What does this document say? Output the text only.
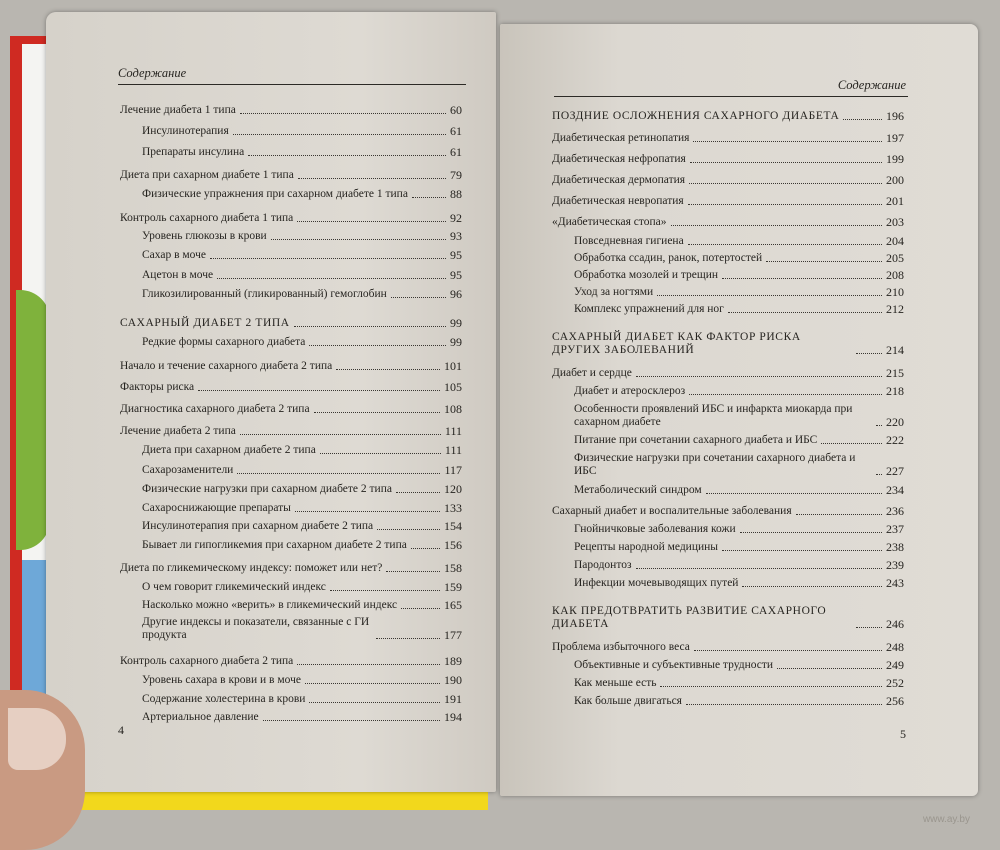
Содержание
Лечение диабета 1 типа	60
Инсулинотерапия	61
Препараты инсулина	61
Диета при сахарном диабете 1 типа	79
Физические упражнения при сахарном диабете 1 типа	88
Контроль сахарного диабета 1 типа	92
Уровень глюкозы в крови	93
Сахар в моче	95
Ацетон в моче	95
Гликозилированный (гликированный) гемоглобин	96
САХАРНЫЙ ДИАБЕТ 2 ТИПА	99
Редкие формы сахарного диабета	99
Начало и течение сахарного диабета 2 типа	101
Факторы риска	105
Диагностика сахарного диабета 2 типа	108
Лечение диабета 2 типа	111
Диета при сахарном диабете 2 типа	111
Сахарозаменители	117
Физические нагрузки при сахарном диабете 2 типа	120
Сахароснижающие препараты	133
Инсулинотерапия при сахарном диабете 2 типа	154
Бывает ли гипогликемия при сахарном диабете 2 типа	156
Диета по гликемическому индексу: поможет или нет?	158
О чем говорит гликемический индекс	159
Насколько можно «верить» в гликемический индекс	165
Другие индексы и показатели, связанные с ГИ продукта	177
Контроль сахарного диабета 2 типа	189
Уровень сахара в крови и в моче	190
Содержание холестерина в крови	191
Артериальное давление	194
4
Содержание
ПОЗДНИЕ ОСЛОЖНЕНИЯ САХАРНОГО ДИАБЕТА	196
Диабетическая ретинопатия	197
Диабетическая нефропатия	199
Диабетическая дермопатия	200
Диабетическая невропатия	201
«Диабетическая стопа»	203
Повседневная гигиена	204
Обработка ссадин, ранок, потертостей	205
Обработка мозолей и трещин	208
Уход за ногтями	210
Комплекс упражнений для ног	212
САХАРНЫЙ ДИАБЕТ КАК ФАКТОР РИСКА ДРУГИХ ЗАБОЛЕВАНИЙ	214
Диабет и сердце	215
Диабет и атеросклероз	218
Особенности проявлений ИБС и инфаркта миокарда при сахарном диабете	220
Питание при сочетании сахарного диабета и ИБС	222
Физические нагрузки при сочетании сахарного диабета и ИБС	227
Метаболический синдром	234
Сахарный диабет и воспалительные заболевания	236
Гнойничковые заболевания кожи	237
Рецепты народной медицины	238
Пародонтоз	239
Инфекции мочевыводящих путей	243
КАК ПРЕДОТВРАТИТЬ РАЗВИТИЕ САХАРНОГО ДИАБЕТА	246
Проблема избыточного веса	248
Объективные и субъективные трудности	249
Как меньше есть	252
Как больше двигаться	256
5
www.ay.by
